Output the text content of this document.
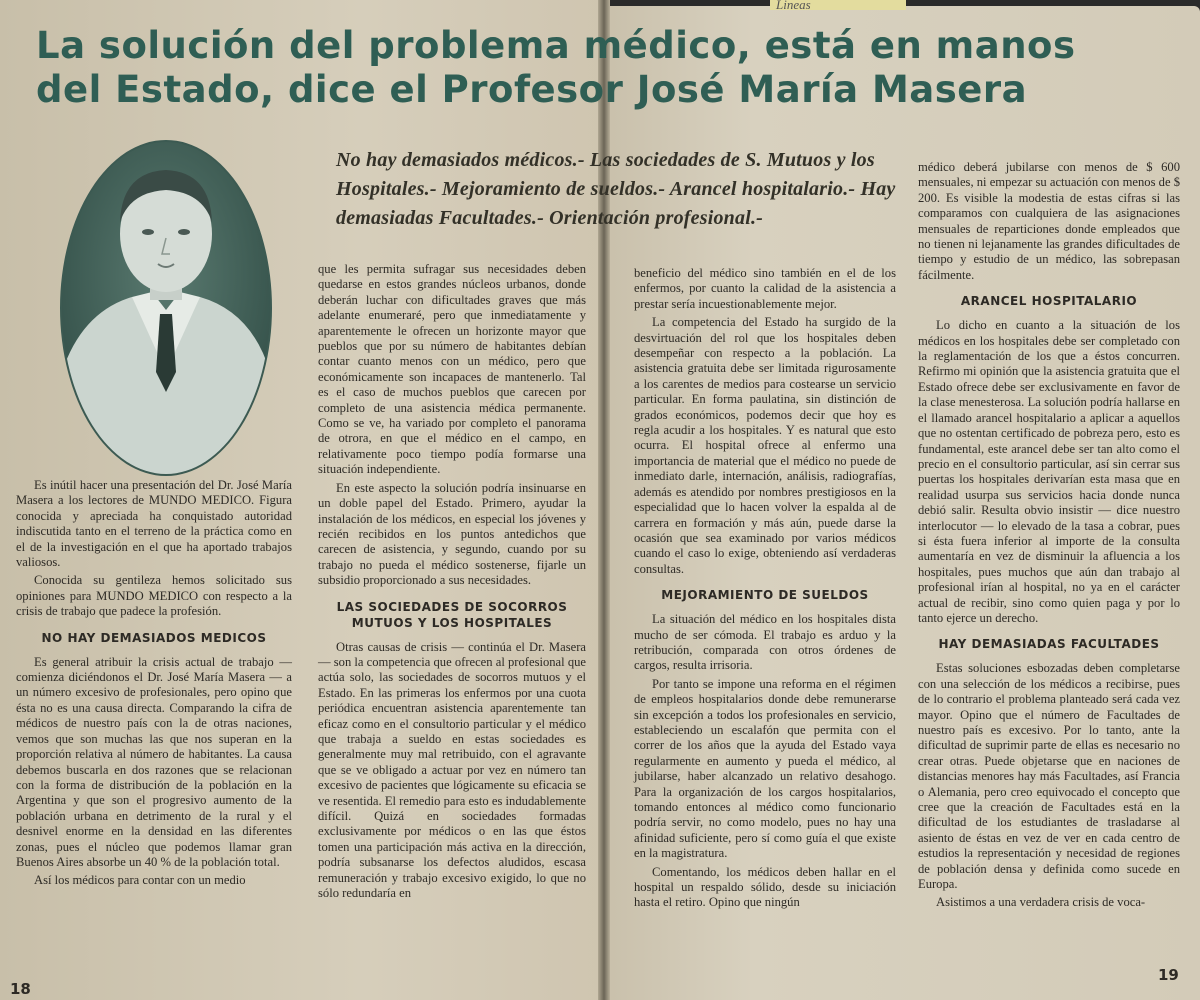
Lineas
La solución del problema médico, está en manos
del Estado, dice el Profesor José María Masera

No hay demasiados médicos.- Las sociedades de S. Mutuos y los Hospitales.- Mejoramiento de sueldos.- Arancel hospitalario.- Hay demasiadas Facultades.- Orientación profesional.-

Es inútil hacer una presentación del Dr. José María Masera a los lectores de MUNDO MEDICO. Figura conocida y apreciada ha conquistado autoridad indiscutida tanto en el terreno de la práctica como en el de la investigación en el que ha aportado trabajos valiosos.

Conocida su gentileza hemos solicitado sus opiniones para MUNDO MEDICO con respecto a la crisis de trabajo que padece la profesión.

NO HAY DEMASIADOS MEDICOS

Es general atribuir la crisis actual de trabajo — comienza diciéndonos el Dr. José María Masera — a un número excesivo de profesionales, pero opino que ésta no es una causa directa. Comparando la cifra de médicos de nuestro país con la de otras naciones, vemos que son muchas las que nos superan en la proporción relativa al número de habitantes. La causa debemos buscarla en dos razones que se relacionan con la forma de distribución de la población en la Argentina y que son el progresivo aumento de la población urbana en detrimento de la rural y el desnivel enorme en la densidad en las diferentes zonas, pues el núcleo que podemos llamar gran Buenos Aires absorbe un 40 % de la población total.

Así los médicos para contar con un medio

que les permita sufragar sus necesidades deben quedarse en estos grandes núcleos urbanos, donde deberán luchar con dificultades graves que más adelante enumeraré, pero que inmediatamente y aparentemente le ofrecen un horizonte mayor que pueblos que por su número de habitantes debían contar cuanto menos con un médico, pero que económicamente son incapaces de mantenerlo. Tal es el caso de muchos pueblos que carecen por completo de una asistencia médica permanente. Como se ve, ha variado por completo el panorama de otrora, en que el médico en el campo, en relativamente poco tiempo podía formarse una situación independiente.

En este aspecto la solución podría insinuarse en un doble papel del Estado. Primero, ayudar la instalación de los médicos, en especial los jóvenes y recién recibidos en los puntos antedichos que carecen de asistencia, y segundo, cuando por su trabajo no pueda el médico sostenerse, fijarle un subsidio proporcionado a sus necesidades.

LAS SOCIEDADES DE SOCORROS MUTUOS Y LOS HOSPITALES

Otras causas de crisis — continúa el Dr. Masera — son la competencia que ofrecen al profesional que actúa solo, las sociedades de socorros mutuos y el Estado. En las primeras los enfermos por una cuota periódica encuentran asistencia aparentemente tan eficaz como en el consultorio particular y el médico que trabaja a sueldo en estas sociedades es generalmente muy mal retribuido, con el agravante que se ve obligado a actuar por vez en número tan excesivo de pacientes que lógicamente su eficacia se ve resentida. El remedio para esto es indudablemente difícil. Quizá en sociedades formadas exclusivamente por médicos o en las que éstos tomen una participación más activa en la dirección, podría subsanarse los defectos aludidos, escasa remuneración y trabajo excesivo exigido, lo que no sólo redundaría en

beneficio del médico sino también en el de los enfermos, por cuanto la calidad de la asistencia a prestar sería incuestionablemente mejor.

La competencia del Estado ha surgido de la desvirtuación del rol que los hospitales deben desempeñar con respecto a la población. La asistencia gratuita debe ser limitada rigurosamente a los carentes de medios para costearse un servicio particular. En forma paulatina, sin distinción de grados económicos, podemos decir que hoy es regla acudir a los hospitales. Y es natural que esto ocurra. El hospital ofrece al enfermo una importancia de material que el médico no puede de inmediato darle, internación, análisis, radiografías, además es atendido por nombres prestigiosos en la especialidad que lo hacen volver la espalda al de carrera en formación y más aún, puede darse la ocasión que sea examinado por varios médicos cuando el caso lo exige, obteniendo así verdaderas consultas.

MEJORAMIENTO DE SUELDOS

La situación del médico en los hospitales dista mucho de ser cómoda. El trabajo es arduo y la retribución, comparada con otros órdenes de cargos, resulta irrisoria.

Por tanto se impone una reforma en el régimen de empleos hospitalarios donde debe remunerarse sin excepción a todos los profesionales en servicio, estableciendo un escalafón que permita con el correr de los años que la ayuda del Estado vaya regularmente en aumento y pueda el médico, al jubilarse, haber alcanzado un relativo desahogo. Para la organización de los cargos hospitalarios, tomando entonces al médico como funcionario podría servir, no como modelo, pues no hay una afinidad suficiente, pero sí como guía el que existe en la magistratura.

Comentando, los médicos deben hallar en el hospital un respaldo sólido, desde su iniciación hasta el retiro. Opino que ningún

médico deberá jubilarse con menos de $ 600 mensuales, ni empezar su actuación con menos de $ 200. Es visible la modestia de estas cifras si las comparamos con cualquiera de las asignaciones mensuales de reparticiones donde empleados que no tienen ni lejanamente las grandes dificultades de tiempo y estudio de un médico, las sobrepasan fácilmente.

ARANCEL HOSPITALARIO

Lo dicho en cuanto a la situación de los médicos en los hospitales debe ser completado con la reglamentación de los que a éstos concurren. Refirmo mi opinión que la asistencia gratuita que el Estado ofrece debe ser exclusivamente en favor de la clase menesterosa. La solución podría hallarse en el llamado arancel hospitalario a aplicar a aquellos que no ostentan certificado de pobreza pero, esto es fundamental, este arancel debe ser tan alto como el precio en el consultorio particular, así sin cerrar sus puertas los hospitales derivarían esta masa que en realidad usurpa sus servicios hacia donde nunca debió salir. Resulta obvio insistir — dice nuestro interlocutor — lo elevado de la tasa a cobrar, pues si ésta fuera inferior al importe de la consulta aumentaría en vez de disminuir la afluencia a los hospitales, pues muchos que aún dan trabajo al profesional irían al hospital, no ya en el carácter actual de recibir, sino como quien paga y por lo tanto ejerce un derecho.

HAY DEMASIADAS FACULTADES

Estas soluciones esbozadas deben completarse con una selección de los médicos a recibirse, pues de lo contrario el problema planteado será cada vez mayor. Opino que el número de Facultades de nuestro país es excesivo. Por lo tanto, ante la dificultad de suprimir parte de ellas es necesario no crear otras. Puede objetarse que en naciones de distancias menores hay más Facultades, así Francia o Alemania, pero creo equivocado el concepto que cree que la creación de Facultades está en la dificultad de los estudiantes de trasladarse al asiento de éstas en vez de ver en cada centro de estudios la representación y necesidad de regiones de población densa y definida como sucede en Europa.

Asistimos a una verdadera crisis de voca-

18
19
